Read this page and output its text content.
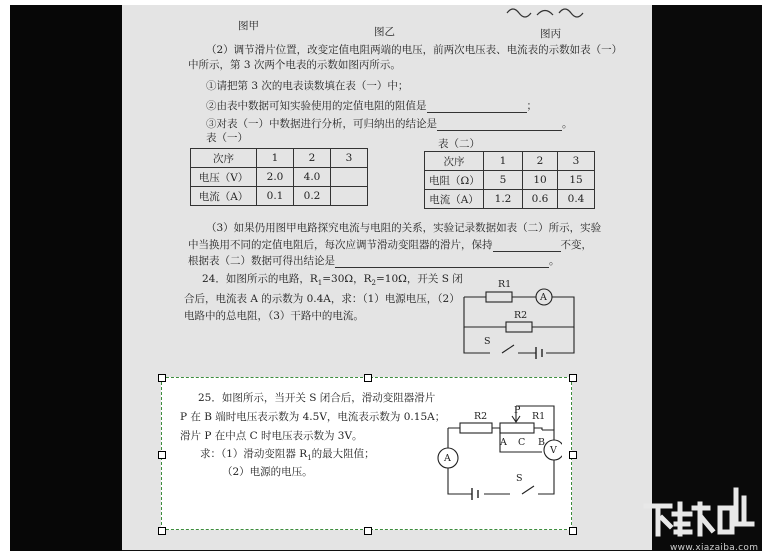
图甲	图乙	图丙
（2）调节滑片位置，改变定值电阻两端的电压，前两次电压表、电流表的示数如表（一）
中所示，第 3 次两个电表的示数如图丙所示。
①请把第 3 次的电表读数填在表（一）中；
②由表中数据可知实验使用的定值电阻的阻值是	；
③对表（一）中数据进行分析，可归纳出的结论是	。
表（一）	表（二）
次序	1	2	3
电压（V）	2.0	4.0	
电流（A）	0.1	0.2	
次序	1	2	3
电阻（Ω）	5	10	15
电流（A）	1.2	0.6	0.4
（3）如果仍用图甲电路探究电流与电阻的关系，实验记录数据如表（二）所示，实验
中当换用不同的定值电阻后，每次应调节滑动变阻器的滑片，保持	不变，
根据表（二）数据可得出结论是	。
24．如图所示的电路，$R_1=30\Omega$，$R_2=10\Omega$，开关 S 闭
合后，电流表 A 的示数为 0.4A，求：（1）电源电压，（2）
电路中的总电阻，（3）干路中的电流。
R1
A
R2
S
25．如图所示，当开关 S 闭合后，滑动变阻器滑片
P 在 B 端时电压表示数为 4.5V，电流表示数为 0.15A；
滑片 P 在中点 C 时电压表示数为 3V。
求：（1）滑动变阻器 $R_1$的最大阻值；
（2）电源的电压。
R2
P
R1
A C B
A
V
S
www.xiazaiba.com
